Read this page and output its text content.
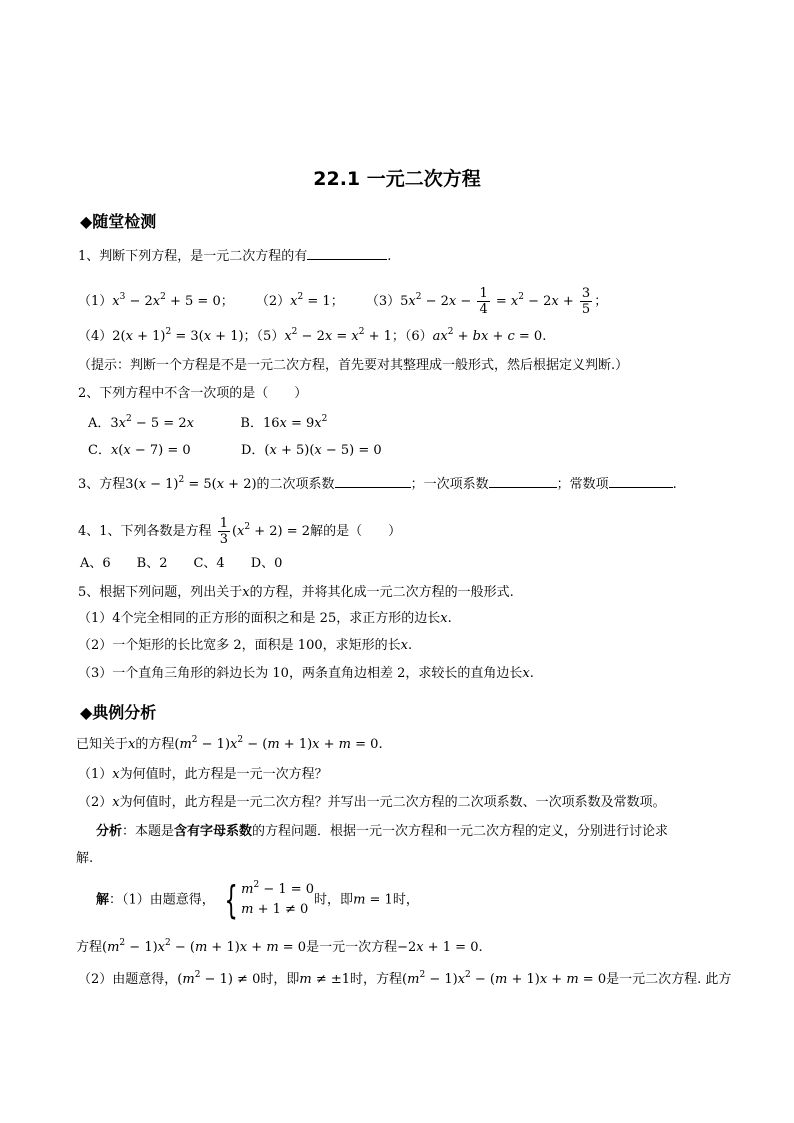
22.1 一元二次方程
◆随堂检测
1、判断下列方程，是一元二次方程的有	.
$(1)x^3 - 2x^2 + 5 = 0$； $(2)x^2 = 1$； $(3)5x^2 - 2x - \frac{1}{4} = x^2 - 2x + \frac{3}{5}$ ；
$(4)2(x + 1)^2 = 3(x + 1)$；$(5)x^2 - 2x = x^2 + 1$；$(6)ax^2$ + bx + c = 0.
（提示：判断一个方程是不是一元二次方程，首先要对其整理成一般形式，然后根据定义判断.）
2、下列方程中不含一次项的是（　　）
A．$3x^2 - 5 = 2x$	B．$16x = 9x^2$
C．x(x − 7) = 0	D．(x + 5)(x − 5) = 0
3、方程$3(x - 1)^2 = 5(x + 2)$的二次项系数	；一次项系数	；常数项	.
4、1、下列各数是方程 $\frac{1}{3} (x^2 + 2) = 2$解的是（　　）
A、6　　B、2　　C、4　　D、0
5、根据下列问题，列出关于x的方程，并将其化成一元二次方程的一般形式.
（1）4个完全相同的正方形的面积之和是 25，求正方形的边长x.
（2）一个矩形的长比宽多 2，面积是 100，求矩形的长x.
（3）一个直角三角形的斜边长为 10，两条直角边相差 2，求较长的直角边长x.
◆典例分析
已知关于x的方程$(m^2 - 1)x^2 - (m + 1)x + m = 0$.
（1）x为何值时，此方程是一元一次方程？
（2）x为何值时，此方程是一元二次方程？并写出一元二次方程的二次项系数、一次项系数及常数项。
分析：本题是含有字母系数的方程问题．根据一元一次方程和一元二次方程的定义，分别进行讨论求
解.
解：（1）由题意得， { $m^2 - 1 = 0$
m + 1 ≠ 0
时，即m = 1时，
方程$(m^2 - 1)x^2 - (m + 1)x + m = 0$是一元一次方程−2x + 1 = 0.
（2）由题意得，$(m^2 - 1) \ne 0$时，即m ≠ ±1时，方程$(m^2 - 1)x^2 - (m + 1)x + m = 0$是一元二次方程. 此方
